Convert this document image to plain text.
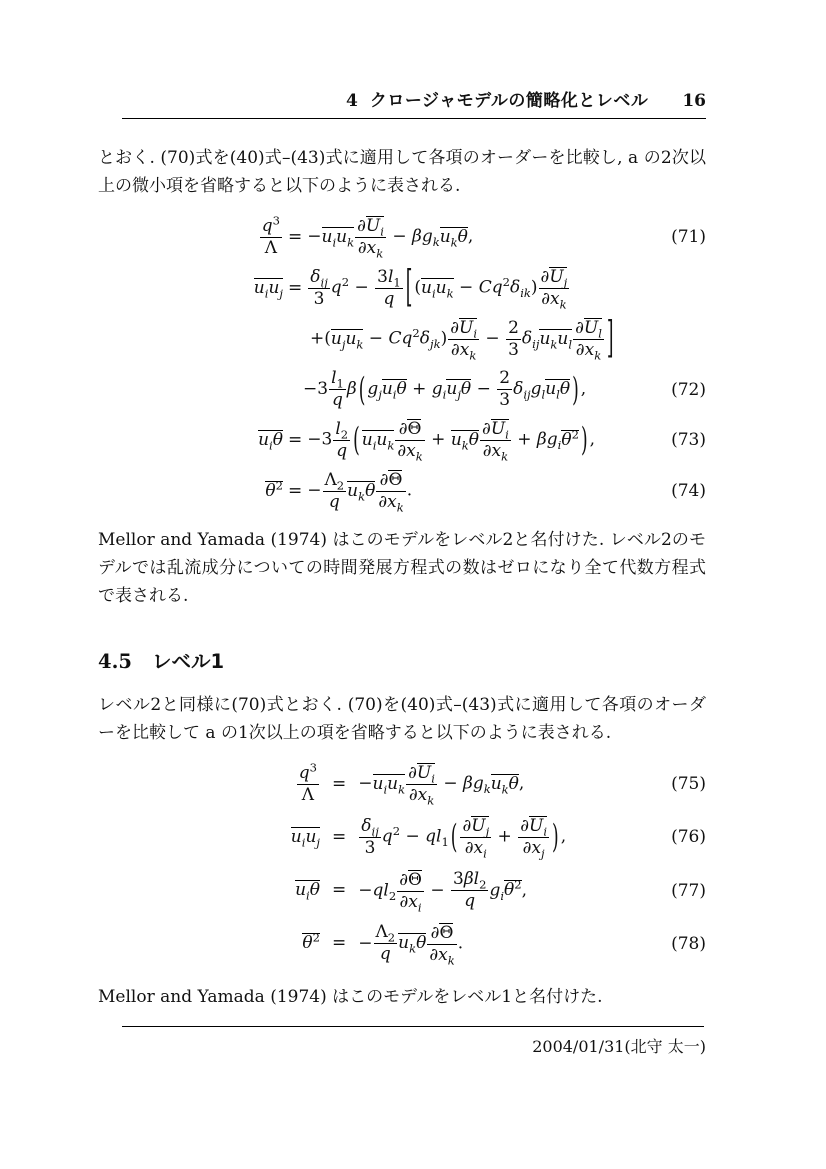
4 クロージャモデルの簡略化とレベル 16

とおく. (70)式を(40)式–(43)式に適用して各項のオーダーを比較し, a の2次以上の微小項を省略すると以下のように表される.

$\frac{q^3}{\Lambda} = -u_iu_k \frac{\partial U_i}{\partial x_k} - \beta g_ku_k\theta$,	(71)
$u_iu_j = \frac{\delta_{ij}}{3} q^2 - \frac{3l_1}{q}$ [ $(u_iu_k - Cq^2\delta_{ik}) \frac{\partial U_j}{\partial x_k}$
$+(u_ju_k - Cq^2\delta_{jk}) \frac{\partial U_i}{\partial x_k} - \frac{2}{3} \delta_{ij}u_ku_l \frac{\partial U_l}{\partial x_k}$ ]
$-3 \frac{l_1}{q}$ β ( $g_ju_i\theta + g_iu_j\theta - \frac{2}{3} \delta_{ij}g_lu_l\theta$ ) ,	(72)
$u_i\theta = -3 \frac{l_2}{q}$ ( $u_iu_k \frac{\partial\Theta}{\partial x_k} + u_k\theta \frac{\partial U_i}{\partial x_k} + \beta g_i\theta^2$ ) ,	(73)
$\theta^2$ = − $\frac{\Lambda_2}{q} u_k\theta \frac{\partial\Theta}{\partial x_k}$ .	(74)

Mellor and Yamada (1974) はこのモデルをレベル2と名付けた. レベル2のモデルでは乱流成分についての時間発展方程式の数はゼロになり全て代数方程式で表される.

4.5 レベル1

レベル2と同様に(70)式とおく. (70)を(40)式–(43)式に適用して各項のオーダーを比較して a の1次以上の項を省略すると以下のように表される.

$\frac{q^3}{\Lambda} = -u_iu_k \frac{\partial U_i}{\partial x_k} - \beta g_ku_k\theta$,	(75)
$u_iu_j = \frac{\delta_{ij}}{3} q^2 - ql_1$ ( $\frac{\partial U_j}{\partial x_i} + \frac{\partial U_i}{\partial x_j}$ ) ,	(76)
$u_i\theta = -ql_2 \frac{\partial\Theta}{\partial x_i} - \frac{3\beta l_2}{q} g_i\theta^2$,	(77)
$\theta^2$ = − $\frac{\Lambda_2}{q} u_k\theta \frac{\partial\Theta}{\partial x_k}$ .	(78)

Mellor and Yamada (1974) はこのモデルをレベル1と名付けた.

2004/01/31(北守 太一)
